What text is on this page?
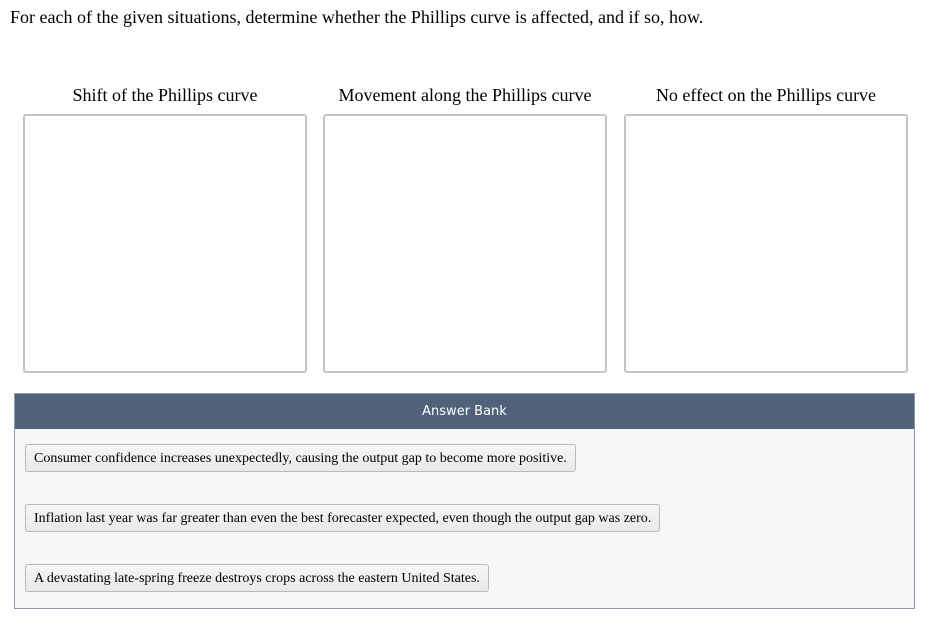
For each of the given situations, determine whether the Phillips curve is affected, and if so, how.
Shift of the Phillips curve	Movement along the Phillips curve	No effect on the Phillips curve
Answer Bank
Consumer confidence increases unexpectedly, causing the output gap to become more positive.
Inflation last year was far greater than even the best forecaster expected, even though the output gap was zero.
A devastating late-spring freeze destroys crops across the eastern United States.
